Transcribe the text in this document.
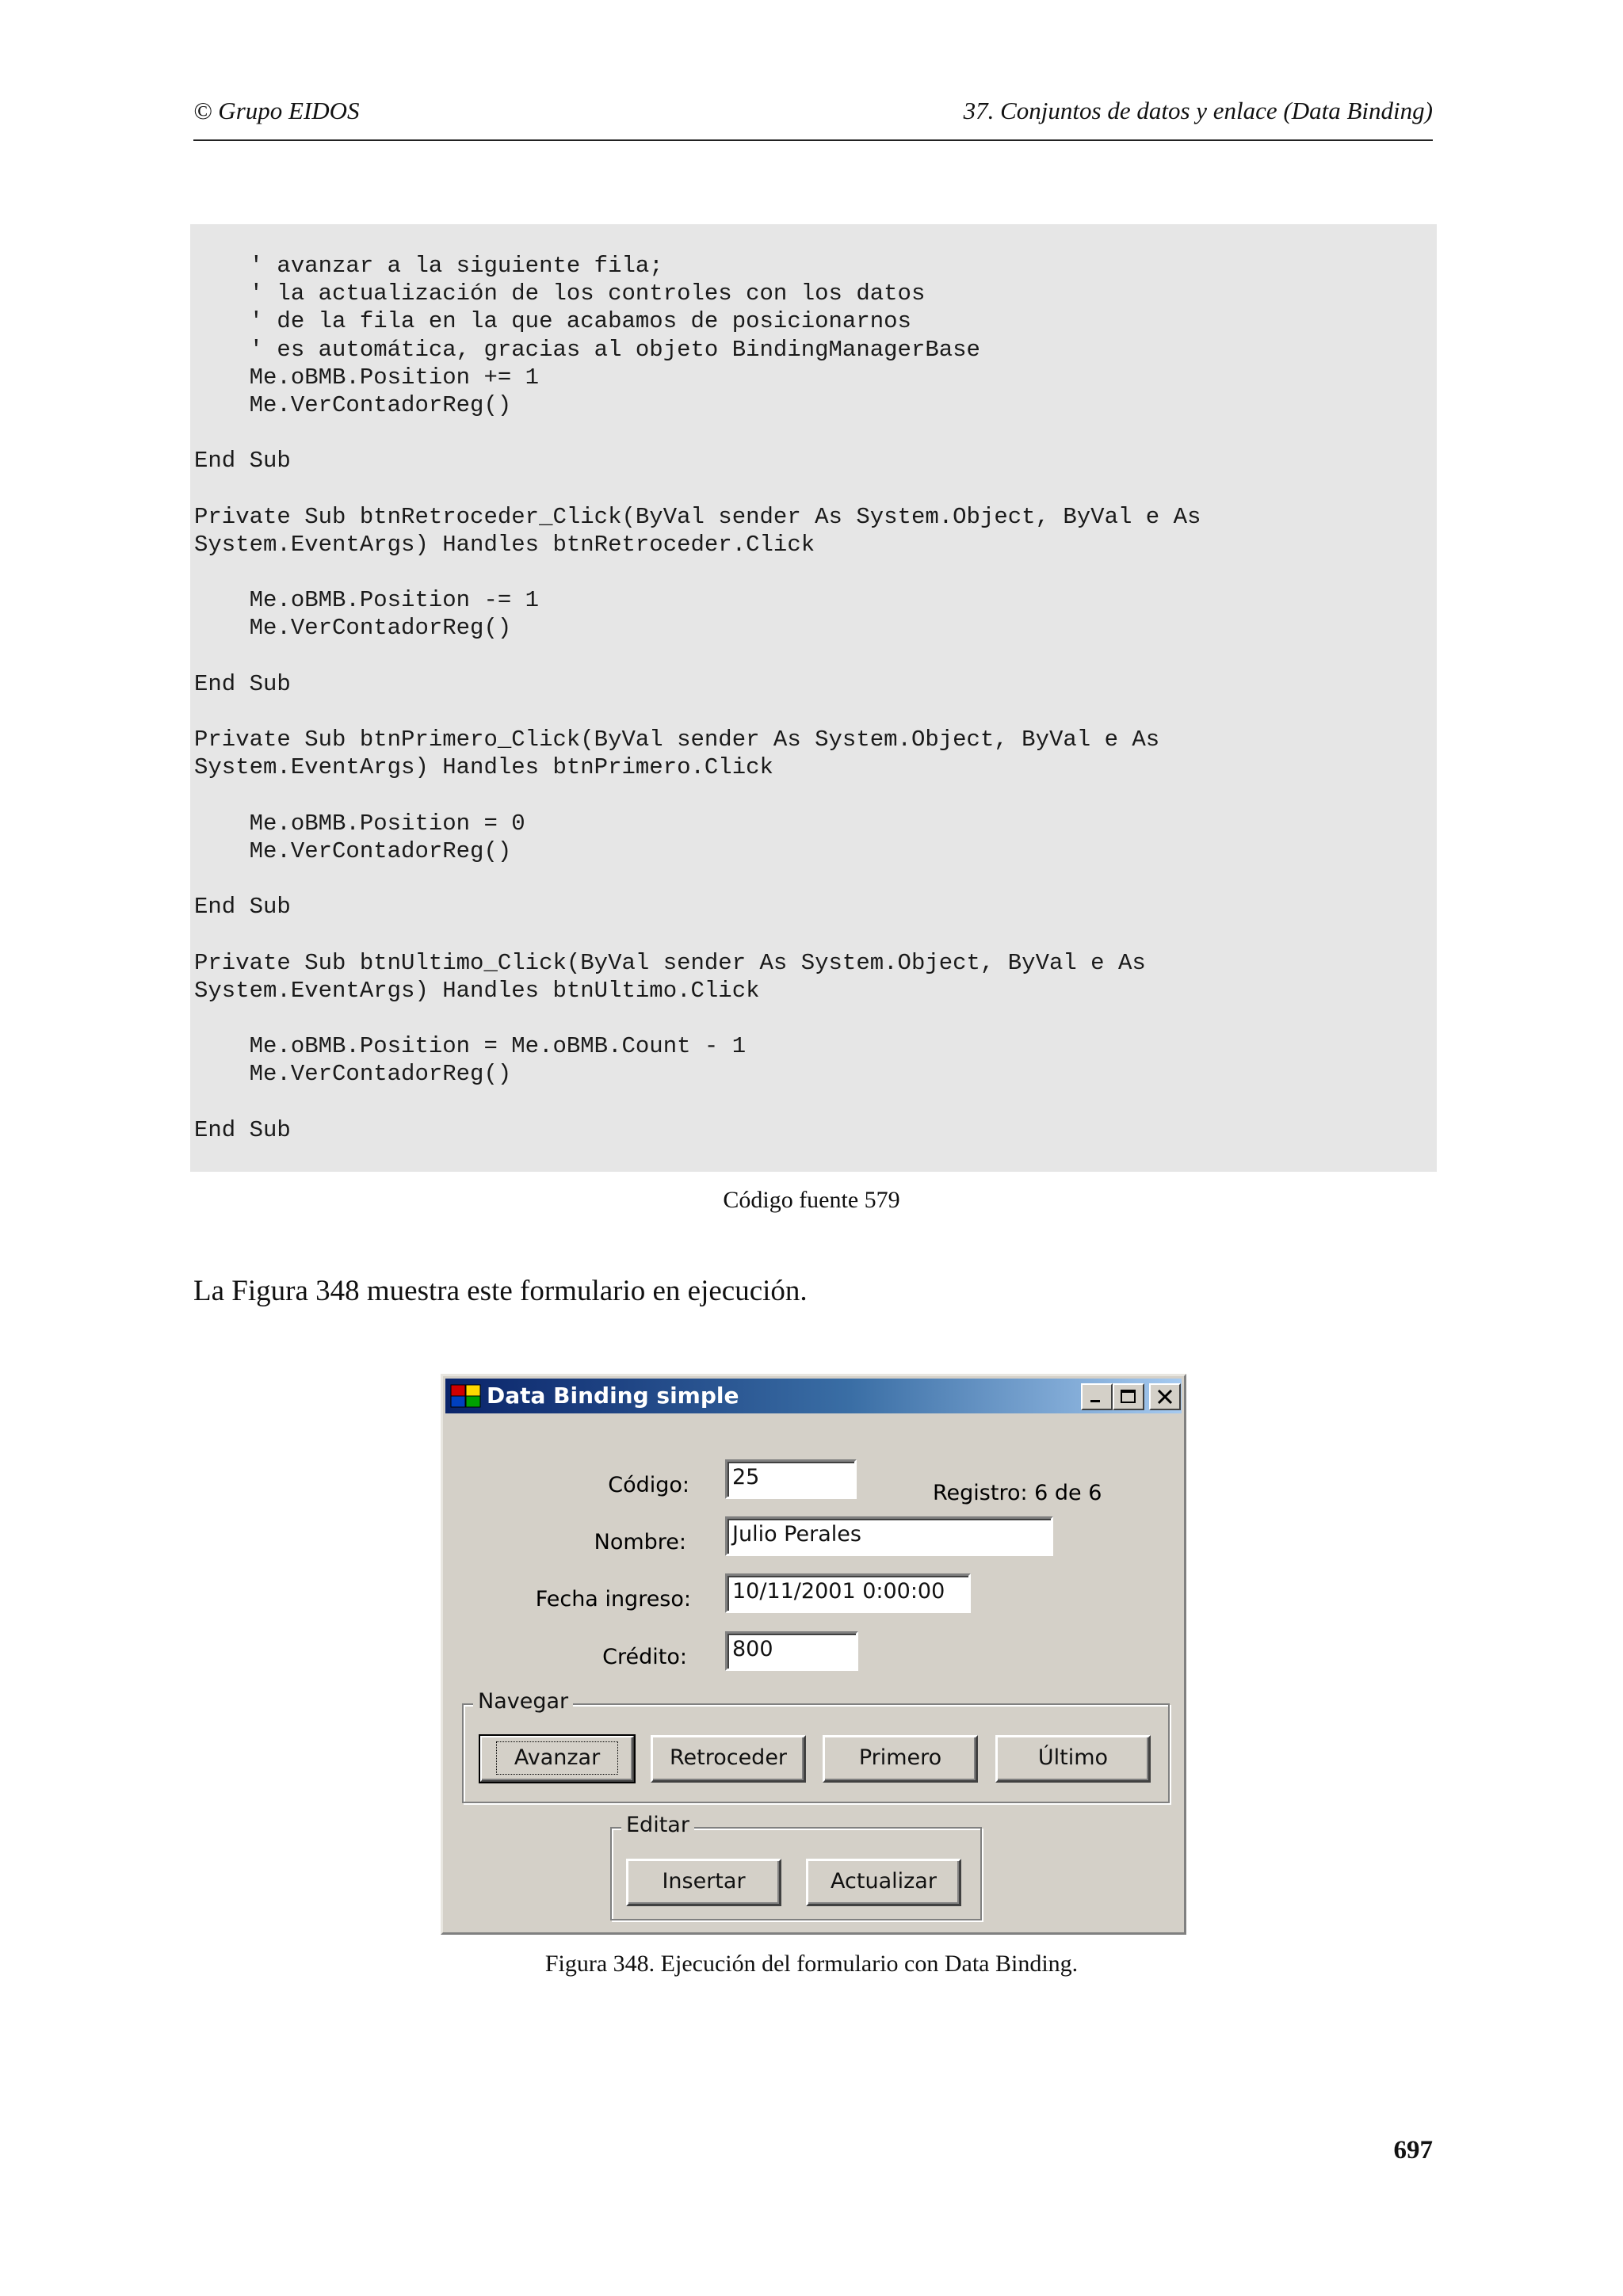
© Grupo EIDOS	37. Conjuntos de datos y enlace (Data Binding)
' avanzar a la siguiente fila;
' la actualización de los controles con los datos
' de la fila en la que acabamos de posicionarnos
' es automática, gracias al objeto BindingManagerBase
Me.oBMB.Position += 1
Me.VerContadorReg()
End Sub
Private Sub btnRetroceder_Click(ByVal sender As System.Object, ByVal e As
System.EventArgs) Handles btnRetroceder.Click
Me.oBMB.Position -= 1
Me.VerContadorReg()
End Sub
Private Sub btnPrimero_Click(ByVal sender As System.Object, ByVal e As
System.EventArgs) Handles btnPrimero.Click
Me.oBMB.Position = 0
Me.VerContadorReg()
End Sub
Private Sub btnUltimo_Click(ByVal sender As System.Object, ByVal e As
System.EventArgs) Handles btnUltimo.Click
Me.oBMB.Position = Me.oBMB.Count - 1
Me.VerContadorReg()
End Sub
Código fuente 579
La Figura 348 muestra este formulario en ejecución.
Data Binding simple
Código:	25
Registro: 6 de 6
Nombre:	Julio Perales
Fecha ingreso:	10/11/2001 0:00:00
Crédito:	800
Navegar
Avanzar	Retroceder	Primero	Último
Editar
Insertar	Actualizar
Figura 348. Ejecución del formulario con Data Binding.
697
